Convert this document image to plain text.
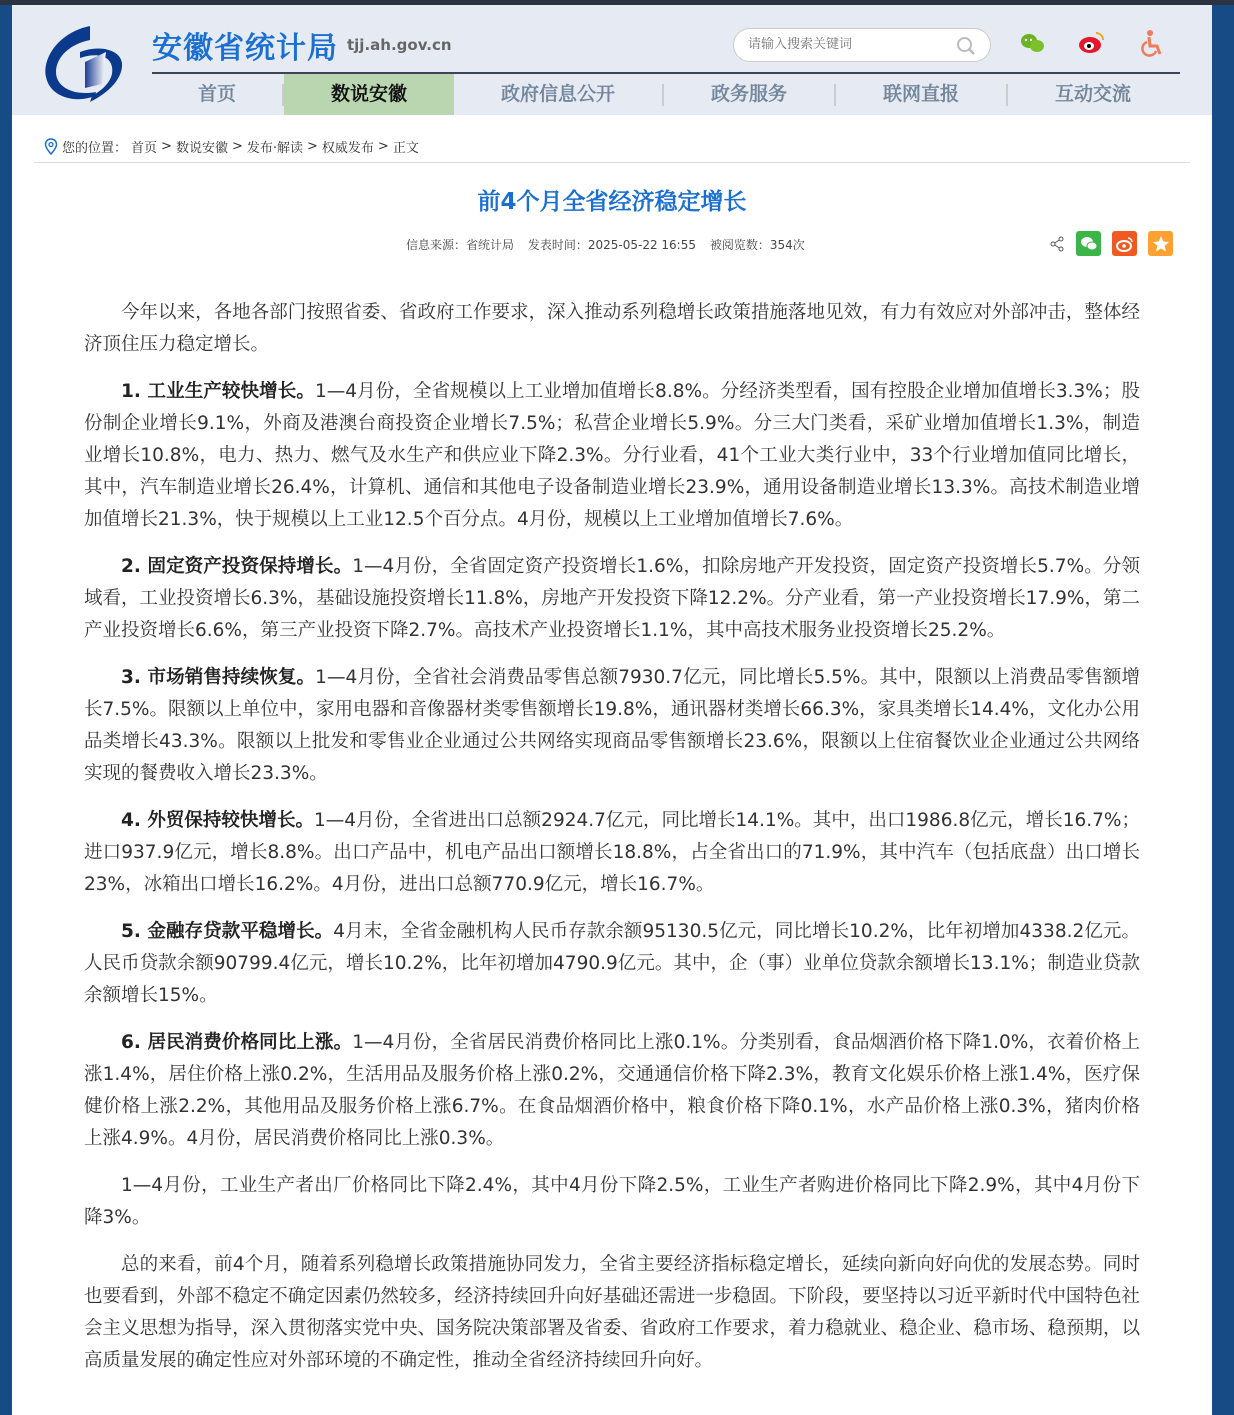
安徽省统计局 tjj.ah.gov.cn
请输入搜索关键词
首页	数说安徽	政府信息公开	政务服务	联网直报	互动交流
您的位置： 首页 > 数说安徽 > 发布·解读 > 权威发布 > 正文
前4个月全省经济稳定增长
信息来源：省统计局 发表时间：2025-05-22 16:55 被阅览数：354次

今年以来，各地各部门按照省委、省政府工作要求，深入推动系列稳增长政策措施落地见效，有力有效应对外部冲击，整体经济顶住压力稳定增长。

1. 工业生产较快增长。1—4月份，全省规模以上工业增加值增长8.8%。分经济类型看，国有控股企业增加值增长3.3%；股份制企业增长9.1%，外商及港澳台商投资企业增长7.5%；私营企业增长5.9%。分三大门类看，采矿业增加值增长1.3%，制造业增长10.8%，电力、热力、燃气及水生产和供应业下降2.3%。分行业看，41个工业大类行业中，33个行业增加值同比增长，其中，汽车制造业增长26.4%，计算机、通信和其他电子设备制造业增长23.9%，通用设备制造业增长13.3%。高技术制造业增加值增长21.3%，快于规模以上工业12.5个百分点。4月份，规模以上工业增加值增长7.6%。

2. 固定资产投资保持增长。1—4月份，全省固定资产投资增长1.6%，扣除房地产开发投资，固定资产投资增长5.7%。分领域看，工业投资增长6.3%，基础设施投资增长11.8%，房地产开发投资下降12.2%。分产业看，第一产业投资增长17.9%，第二产业投资增长6.6%，第三产业投资下降2.7%。高技术产业投资增长1.1%，其中高技术服务业投资增长25.2%。

3. 市场销售持续恢复。1—4月份，全省社会消费品零售总额7930.7亿元，同比增长5.5%。其中，限额以上消费品零售额增长7.5%。限额以上单位中，家用电器和音像器材类零售额增长19.8%，通讯器材类增长66.3%，家具类增长14.4%，文化办公用品类增长43.3%。限额以上批发和零售业企业通过公共网络实现商品零售额增长23.6%，限额以上住宿餐饮业企业通过公共网络实现的餐费收入增长23.3%。

4. 外贸保持较快增长。1—4月份，全省进出口总额2924.7亿元，同比增长14.1%。其中，出口1986.8亿元，增长16.7%；进口937.9亿元，增长8.8%。出口产品中，机电产品出口额增长18.8%，占全省出口的71.9%，其中汽车（包括底盘）出口增长23%，冰箱出口增长16.2%。4月份，进出口总额770.9亿元，增长16.7%。

5. 金融存贷款平稳增长。4月末，全省金融机构人民币存款余额95130.5亿元，同比增长10.2%，比年初增加4338.2亿元。人民币贷款余额90799.4亿元，增长10.2%，比年初增加4790.9亿元。其中，企（事）业单位贷款余额增长13.1%；制造业贷款余额增长15%。

6. 居民消费价格同比上涨。1—4月份，全省居民消费价格同比上涨0.1%。分类别看，食品烟酒价格下降1.0%，衣着价格上涨1.4%，居住价格上涨0.2%，生活用品及服务价格上涨0.2%，交通通信价格下降2.3%，教育文化娱乐价格上涨1.4%，医疗保健价格上涨2.2%，其他用品及服务价格上涨6.7%。在食品烟酒价格中，粮食价格下降0.1%，水产品价格上涨0.3%，猪肉价格上涨4.9%。4月份，居民消费价格同比上涨0.3%。

1—4月份，工业生产者出厂价格同比下降2.4%，其中4月份下降2.5%，工业生产者购进价格同比下降2.9%，其中4月份下降3%。

总的来看，前4个月，随着系列稳增长政策措施协同发力，全省主要经济指标稳定增长，延续向新向好向优的发展态势。同时也要看到，外部不稳定不确定因素仍然较多，经济持续回升向好基础还需进一步稳固。下阶段，要坚持以习近平新时代中国特色社会主义思想为指导，深入贯彻落实党中央、国务院决策部署及省委、省政府工作要求，着力稳就业、稳企业、稳市场、稳预期，以高质量发展的确定性应对外部环境的不确定性，推动全省经济持续回升向好。
